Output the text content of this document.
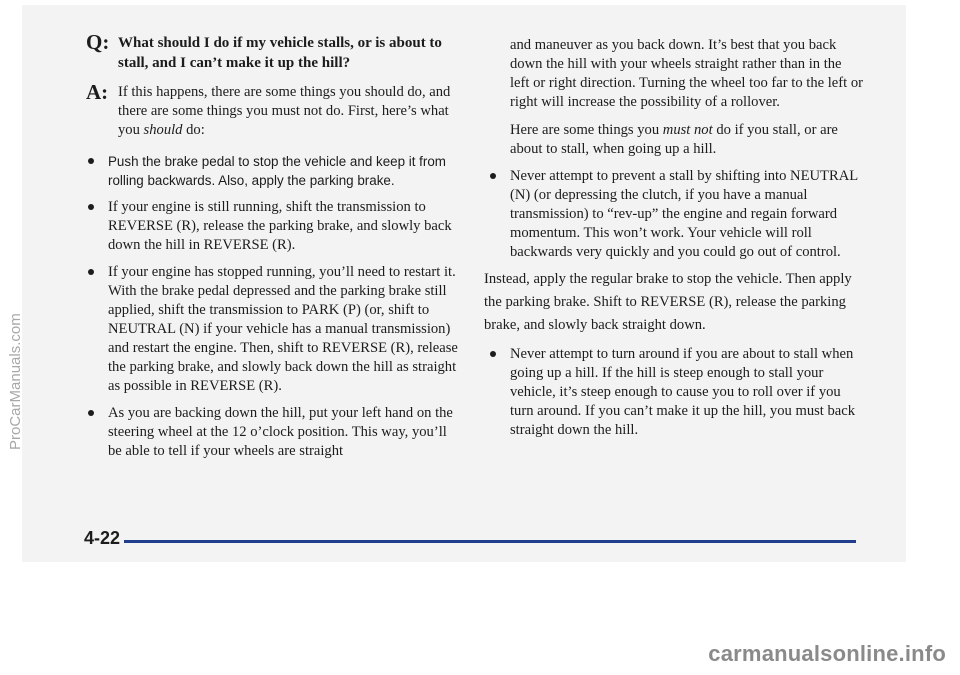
Q: What should I do if my vehicle stalls, or is about to stall, and I can’t make it up the hill?
A: If this happens, there are some things you should do, and there are some things you must not do. First, here’s what you should do:
Push the brake pedal to stop the vehicle and keep it from rolling backwards. Also, apply the parking brake.
If your engine is still running, shift the transmission to REVERSE (R), release the parking brake, and slowly back down the hill in REVERSE (R).
If your engine has stopped running, you’ll need to restart it. With the brake pedal depressed and the parking brake still applied, shift the transmission to PARK (P) (or, shift to NEUTRAL (N) if your vehicle has a manual transmission) and restart the engine. Then, shift to REVERSE (R), release the parking brake, and slowly back down the hill as straight as possible in REVERSE (R).
As you are backing down the hill, put your left hand on the steering wheel at the 12 o’clock position. This way, you’ll be able to tell if your wheels are straight
and maneuver as you back down. It’s best that you back down the hill with your wheels straight rather than in the left or right direction. Turning the wheel too far to the left or right will increase the possibility of a rollover.
Here are some things you must not do if you stall, or are about to stall, when going up a hill.
Never attempt to prevent a stall by shifting into NEUTRAL (N) (or depressing the clutch, if you have a manual transmission) to “rev-up” the engine and regain forward momentum. This won’t work. Your vehicle will roll backwards very quickly and you could go out of control.
Instead, apply the regular brake to stop the vehicle. Then apply the parking brake. Shift to REVERSE (R), release the parking brake, and slowly back straight down.
Never attempt to turn around if you are about to stall when going up a hill. If the hill is steep enough to stall your vehicle, it’s steep enough to cause you to roll over if you turn around. If you can’t make it up the hill, you must back straight down the hill.
4-22
ProCarManuals.com
carmanualsonline.info
